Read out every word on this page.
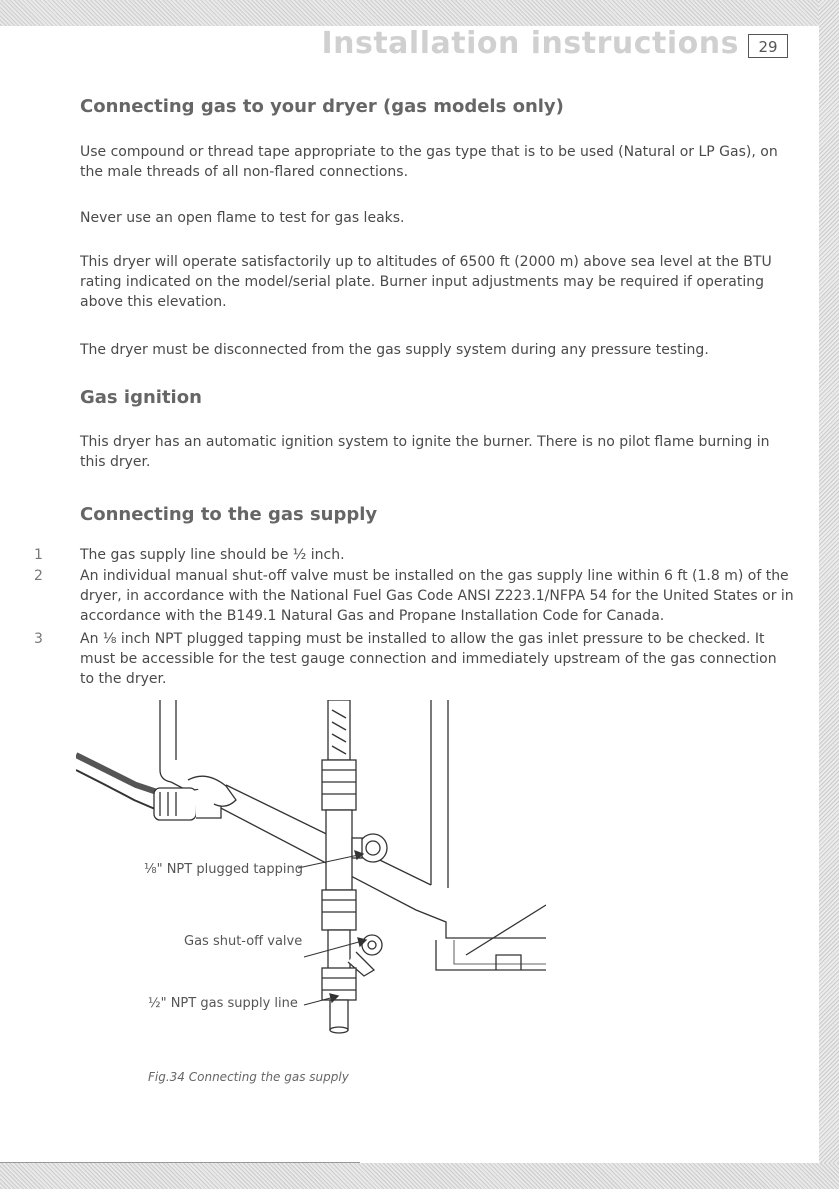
Installation instructions	29
Connecting gas to your dryer (gas models only)

Use compound or thread tape appropriate to the gas type that is to be used (Natural or LP Gas), on the male threads of all non-flared connections.

Never use an open flame to test for gas leaks.

This dryer will operate satisfactorily up to altitudes of 6500 ft (2000 m) above sea level at the BTU rating indicated on the model/serial plate. Burner input adjustments may be required if operating above this elevation.

The dryer must be disconnected from the gas supply system during any pressure testing.

Gas ignition

This dryer has an automatic ignition system to ignite the burner. There is no pilot flame burning in this dryer.

Connecting to the gas supply
1	The gas supply line should be ½ inch.
2	An individual manual shut-off valve must be installed on the gas supply line within 6 ft (1.8 m) of the dryer, in accordance with the National Fuel Gas Code ANSI Z223.1/NFPA 54 for the United States or in accordance with the B149.1 Natural Gas and Propane Installation Code for Canada.
3	An ⅛ inch NPT plugged tapping must be installed to allow the gas inlet pressure to be checked. It must be accessible for the test gauge connection and immediately upstream of the gas connection to the dryer.
⅛" NPT plugged tapping
Gas shut-off valve
½" NPT gas supply line
Fig.34 Connecting the gas supply
